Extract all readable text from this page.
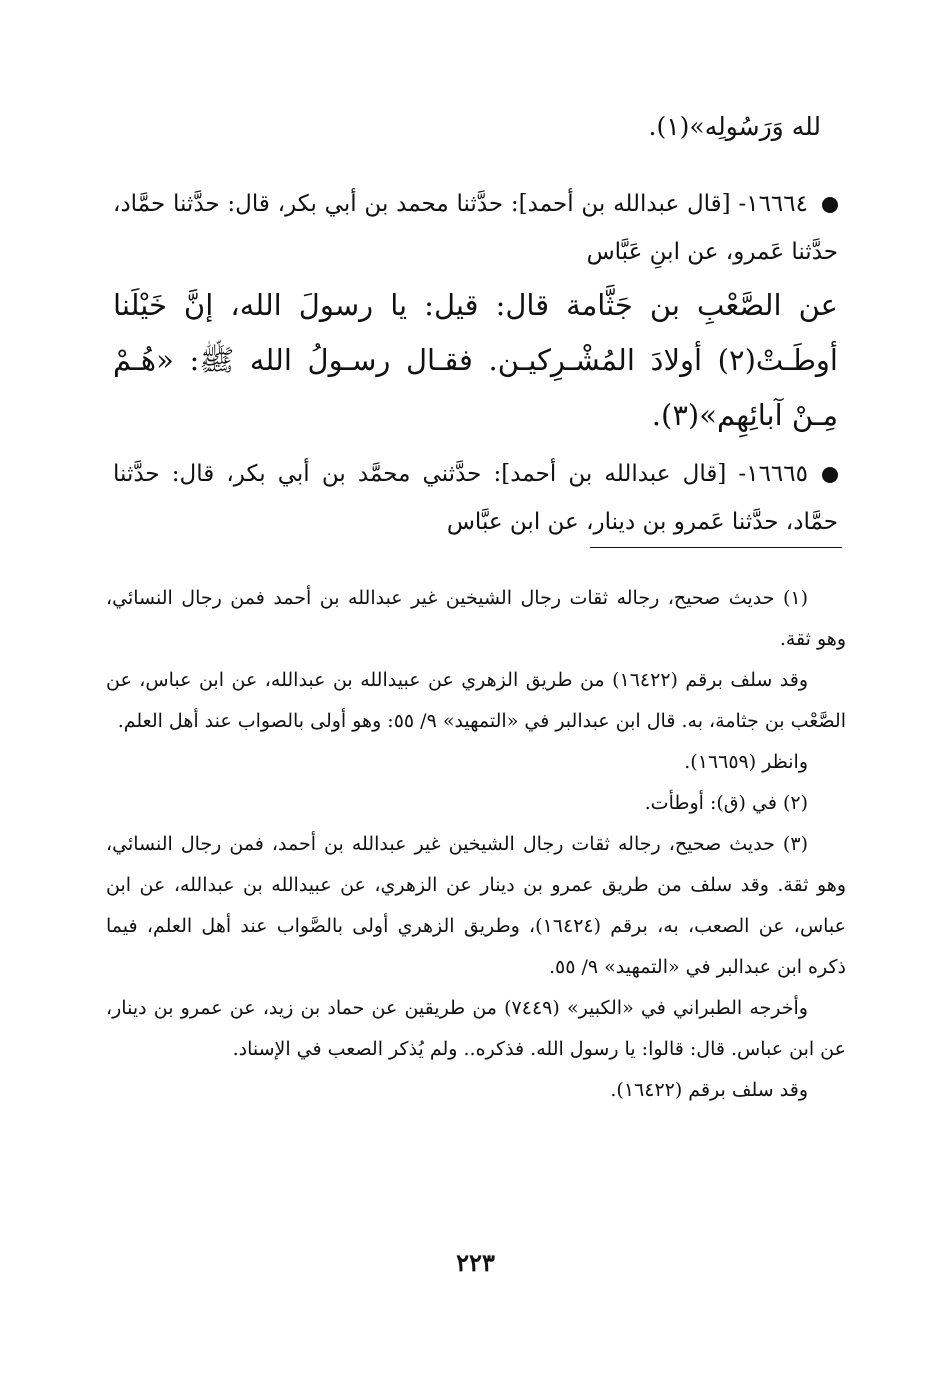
لله وَرَسُولِه»(١).
١٦٦٦٤- [قال عبدالله بن أحمد]: حدَّثنا محمد بن أبي بكر، قال: حدَّثنا حمَّاد، حدَّثنا عَمرو، عن ابنِ عَبَّاس
عن الصَّعْبِ بن جَثَّامة قال: قيل: يا رسولَ الله، إنَّ خَيْلَنا أوطَـتْ(٢) أولادَ المُشْـرِكيـن. فقـال رسـولُ الله ﷺ: «هُـمْ مِـنْ آبائِهِم»(٣).
١٦٦٦٥- [قال عبدالله بن أحمد]: حدَّثني محمَّد بن أبي بكر، قال: حدَّثنا حمَّاد، حدَّثنا عَمرو بن دينار، عن ابن عبَّاس

(١) حديث صحيح، رجاله ثقات رجال الشيخين غير عبدالله بن أحمد فمن رجال النسائي، وهو ثقة.

وقد سلف برقم (١٦٤٢٢) من طريق الزهري عن عبيدالله بن عبدالله، عن ابن عباس، عن الصَّعْب بن جثامة، به. قال ابن عبدالبر في «التمهيد» ٩/ ٥٥: وهو أولى بالصواب عند أهل العلم.

وانظر (١٦٦٥٩).

(٢) في (ق): أوطأت.

(٣) حديث صحيح، رجاله ثقات رجال الشيخين غير عبدالله بن أحمد، فمن رجال النسائي، وهو ثقة. وقد سلف من طريق عمرو بن دينار عن الزهري، عن عبيدالله بن عبدالله، عن ابن عباس، عن الصعب، به، برقم (١٦٤٢٤)، وطريق الزهري أولى بالصَّواب عند أهل العلم، فيما ذكره ابن عبدالبر في «التمهيد» ٩/ ٥٥.

وأخرجه الطبراني في «الكبير» (٧٤٤٩) من طريقين عن حماد بن زيد، عن عمرو بن دينار، عن ابن عباس. قال: قالوا: يا رسول الله. فذكره.. ولم يُذكر الصعب في الإسناد.

وقد سلف برقم (١٦٤٢٢).

٢٢٣
